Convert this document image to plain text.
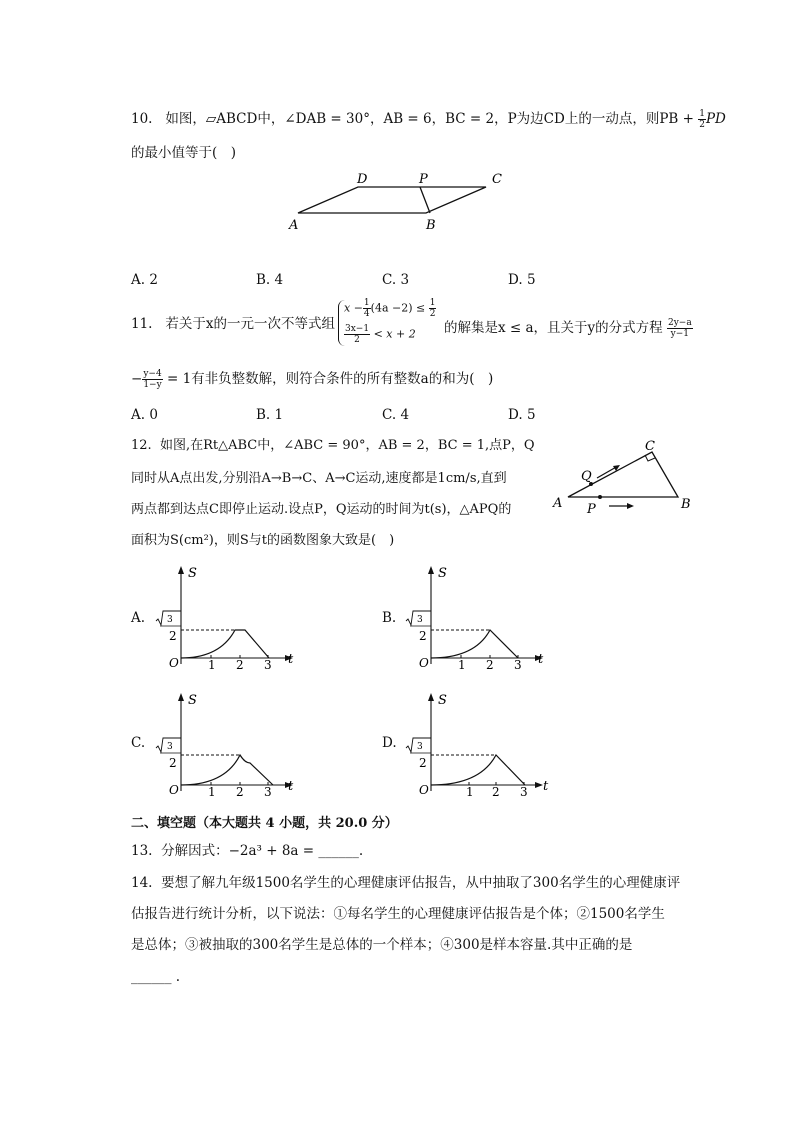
10. 如图，▱ABCD中，∠DAB = 30°，AB = 6，BC = 2，P为边CD上的一动点，则PB + $\frac{1}{2}$ PD
的最小值等于(　)
D	P	C
A	B
A. 2	B. 4	C. 3	D. 5
11. 若关于x的一元一次不等式组
$x - \frac{1}{4} (4a -2) \le \frac{1}{2}$
$\frac{3x-1}{2} < x + 2$ 的解集是x ≤ a，且关于y的分式方程 $\frac{2y-a}{y-1}$
− $\frac{y-4}{1-y} = 1$有非负整数解，则符合条件的所有整数a的和为(　)
A. 0	B. 1	C. 4	D. 5
12. 如图,在Rt△ABC中，∠ABC = 90°，AB = 2，BC = 1,点P，Q
同时从A点出发,分别沿A→B→C、A→C运动,速度都是1cm/s,直到
两点都到达点C即停止运动.设点P，Q运动的时间为t(s)，△APQ的
面积为S(cm²)，则S与t的函数图象大致是(　)
C
Q
A P	B
A.	B.
C.	D.
3
2
S
O 1 2 3 t
3
2
S
O 1 2 3 t
3
2
S
O 1 2 3 t
3
2
S
O	1 2 3 t
二、填空题（本大题共 4 小题，共 20.0 分）
13. 分解因式：−2a³ + 8a = ______.
14. 要想了解九年级1500名学生的心理健康评估报告，从中抽取了300名学生的心理健康评
估报告进行统计分析，以下说法：①每名学生的心理健康评估报告是个体；②1500名学生
是总体；③被抽取的300名学生是总体的一个样本；④300是样本容量.其中正确的是
______ .
